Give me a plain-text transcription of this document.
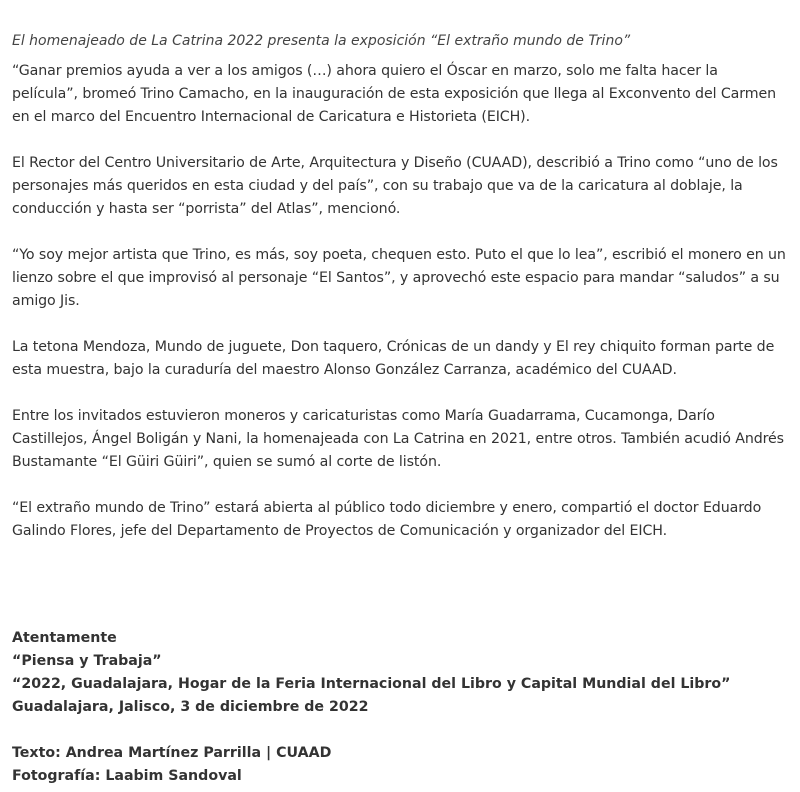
El homenajeado de La Catrina 2022 presenta la exposición “El extraño mundo de Trino”

“Ganar premios ayuda a ver a los amigos (…) ahora quiero el Óscar en marzo, solo me falta hacer la película”, bromeó Trino Camacho, en la inauguración de esta exposición que llega al Exconvento del Carmen en el marco del Encuentro Internacional de Caricatura e Historieta (EICH).

El Rector del Centro Universitario de Arte, Arquitectura y Diseño (CUAAD), describió a Trino como “uno de los personajes más queridos en esta ciudad y del país”, con su trabajo que va de la caricatura al doblaje, la conducción y hasta ser “porrista” del Atlas”, mencionó.

“Yo soy mejor artista que Trino, es más, soy poeta, chequen esto. Puto el que lo lea”, escribió el monero en un lienzo sobre el que improvisó al personaje “El Santos”, y aprovechó este espacio para mandar “saludos” a su amigo Jis.

La tetona Mendoza, Mundo de juguete, Don taquero, Crónicas de un dandy y El rey chiquito forman parte de esta muestra, bajo la curaduría del maestro Alonso González Carranza, académico del CUAAD.

Entre los invitados estuvieron moneros y caricaturistas como María Guadarrama, Cucamonga, Darío Castillejos, Ángel Boligán y Nani, la homenajeada con La Catrina en 2021, entre otros. También acudió Andrés Bustamante “El Güiri Güiri”, quien se sumó al corte de listón.

“El extraño mundo de Trino” estará abierta al público todo diciembre y enero, compartió el doctor Eduardo Galindo Flores, jefe del Departamento de Proyectos de Comunicación y organizador del EICH.

Atentamente
“Piensa y Trabaja”
“2022, Guadalajara, Hogar de la Feria Internacional del Libro y Capital Mundial del Libro”
Guadalajara, Jalisco, 3 de diciembre de 2022
Texto: Andrea Martínez Parrilla | CUAAD
Fotografía: Laabim Sandoval
